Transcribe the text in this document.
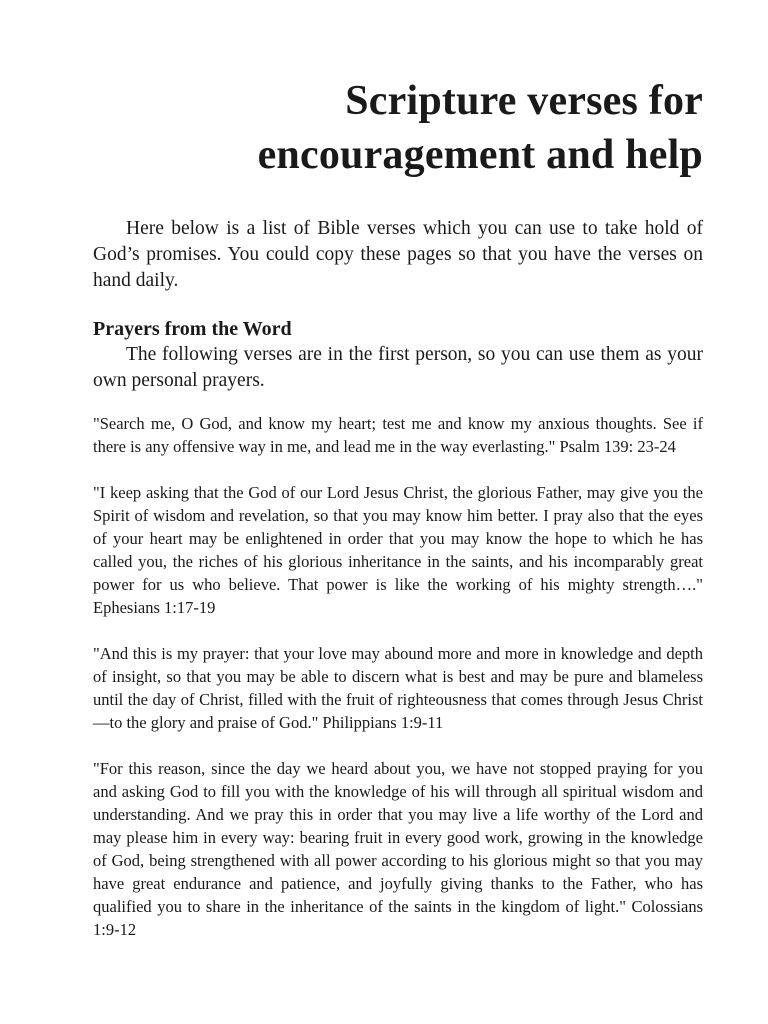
Scripture verses for
encouragement and help

Here below is a list of Bible verses which you can use to take hold of God’s promises. You could copy these pages so that you have the verses on hand daily.

Prayers from the Word

The following verses are in the first person, so you can use them as your own personal prayers.

"Search me, O God, and know my heart; test me and know my anxious thoughts. See if there is any offensive way in me, and lead me in the way everlasting." Psalm 139: 23-24

"I keep asking that the God of our Lord Jesus Christ, the glorious Father, may give you the Spirit of wisdom and revelation, so that you may know him better. I pray also that the eyes of your heart may be enlightened in order that you may know the hope to which he has called you, the riches of his glorious inheritance in the saints, and his incomparably great power for us who believe. That power is like the working of his mighty strength…." Ephesians 1:17-19

"And this is my prayer: that your love may abound more and more in knowledge and depth of insight, so that you may be able to discern what is best and may be pure and blameless until the day of Christ, filled with the fruit of righteousness that comes through Jesus Christ—to the glory and praise of God." Philippians 1:9-11

"For this reason, since the day we heard about you, we have not stopped praying for you and asking God to fill you with the knowledge of his will through all spiritual wisdom and understanding. And we pray this in order that you may live a life worthy of the Lord and may please him in every way: bearing fruit in every good work, growing in the knowledge of God, being strengthened with all power according to his glorious might so that you may have great endurance and patience, and joyfully giving thanks to the Father, who has qualified you to share in the inheritance of the saints in the kingdom of light." Colossians 1:9-12
